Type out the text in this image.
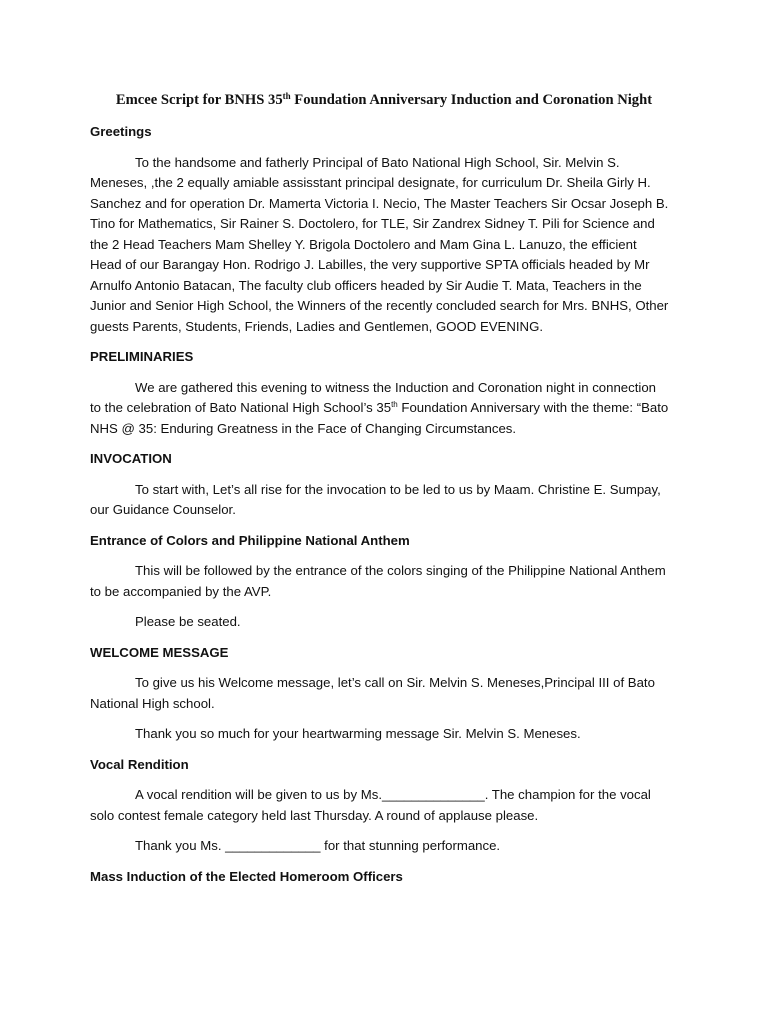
Emcee Script for BNHS 35th Foundation Anniversary Induction and Coronation Night
Greetings
To the handsome and fatherly Principal of Bato National High School, Sir. Melvin S. Meneses, ,the 2 equally amiable assisstant principal designate, for curriculum Dr. Sheila Girly H. Sanchez and for operation Dr. Mamerta Victoria I. Necio, The Master Teachers Sir Ocsar Joseph B. Tino for Mathematics, Sir Rainer S. Doctolero, for TLE, Sir Zandrex Sidney T. Pili for Science and the 2 Head Teachers Mam Shelley Y. Brigola Doctolero and Mam Gina L. Lanuzo, the efficient Head of our Barangay Hon. Rodrigo J. Labilles, the very supportive SPTA officials headed by Mr Arnulfo Antonio Batacan, The faculty club officers headed by Sir Audie T. Mata, Teachers in the Junior and Senior High School, the Winners of the recently concluded search for Mrs. BNHS, Other guests Parents, Students, Friends, Ladies and Gentlemen, GOOD EVENING.
PRELIMINARIES
We are gathered this evening to witness the Induction and Coronation night in connection to the celebration of Bato National High School’s 35th Foundation Anniversary with the theme: “Bato NHS @ 35: Enduring Greatness in the Face of Changing Circumstances.
INVOCATION
To start with, Let’s all rise for the invocation to be led to us by Maam. Christine E. Sumpay, our Guidance Counselor.
Entrance of Colors and Philippine National Anthem
This will be followed by the entrance of the colors singing of the Philippine National Anthem to be accompanied by the AVP.
Please be seated.
WELCOME MESSAGE
To give us his Welcome message, let’s call on Sir. Melvin S. Meneses,Principal III of Bato National High school.
Thank you so much for your heartwarming message Sir. Melvin S. Meneses.
Vocal Rendition
A vocal rendition will be given to us by Ms.______________. The champion for the vocal solo contest female category held last Thursday. A round of applause please.
Thank you Ms. _____________ for that stunning performance.
Mass Induction of the Elected Homeroom Officers
